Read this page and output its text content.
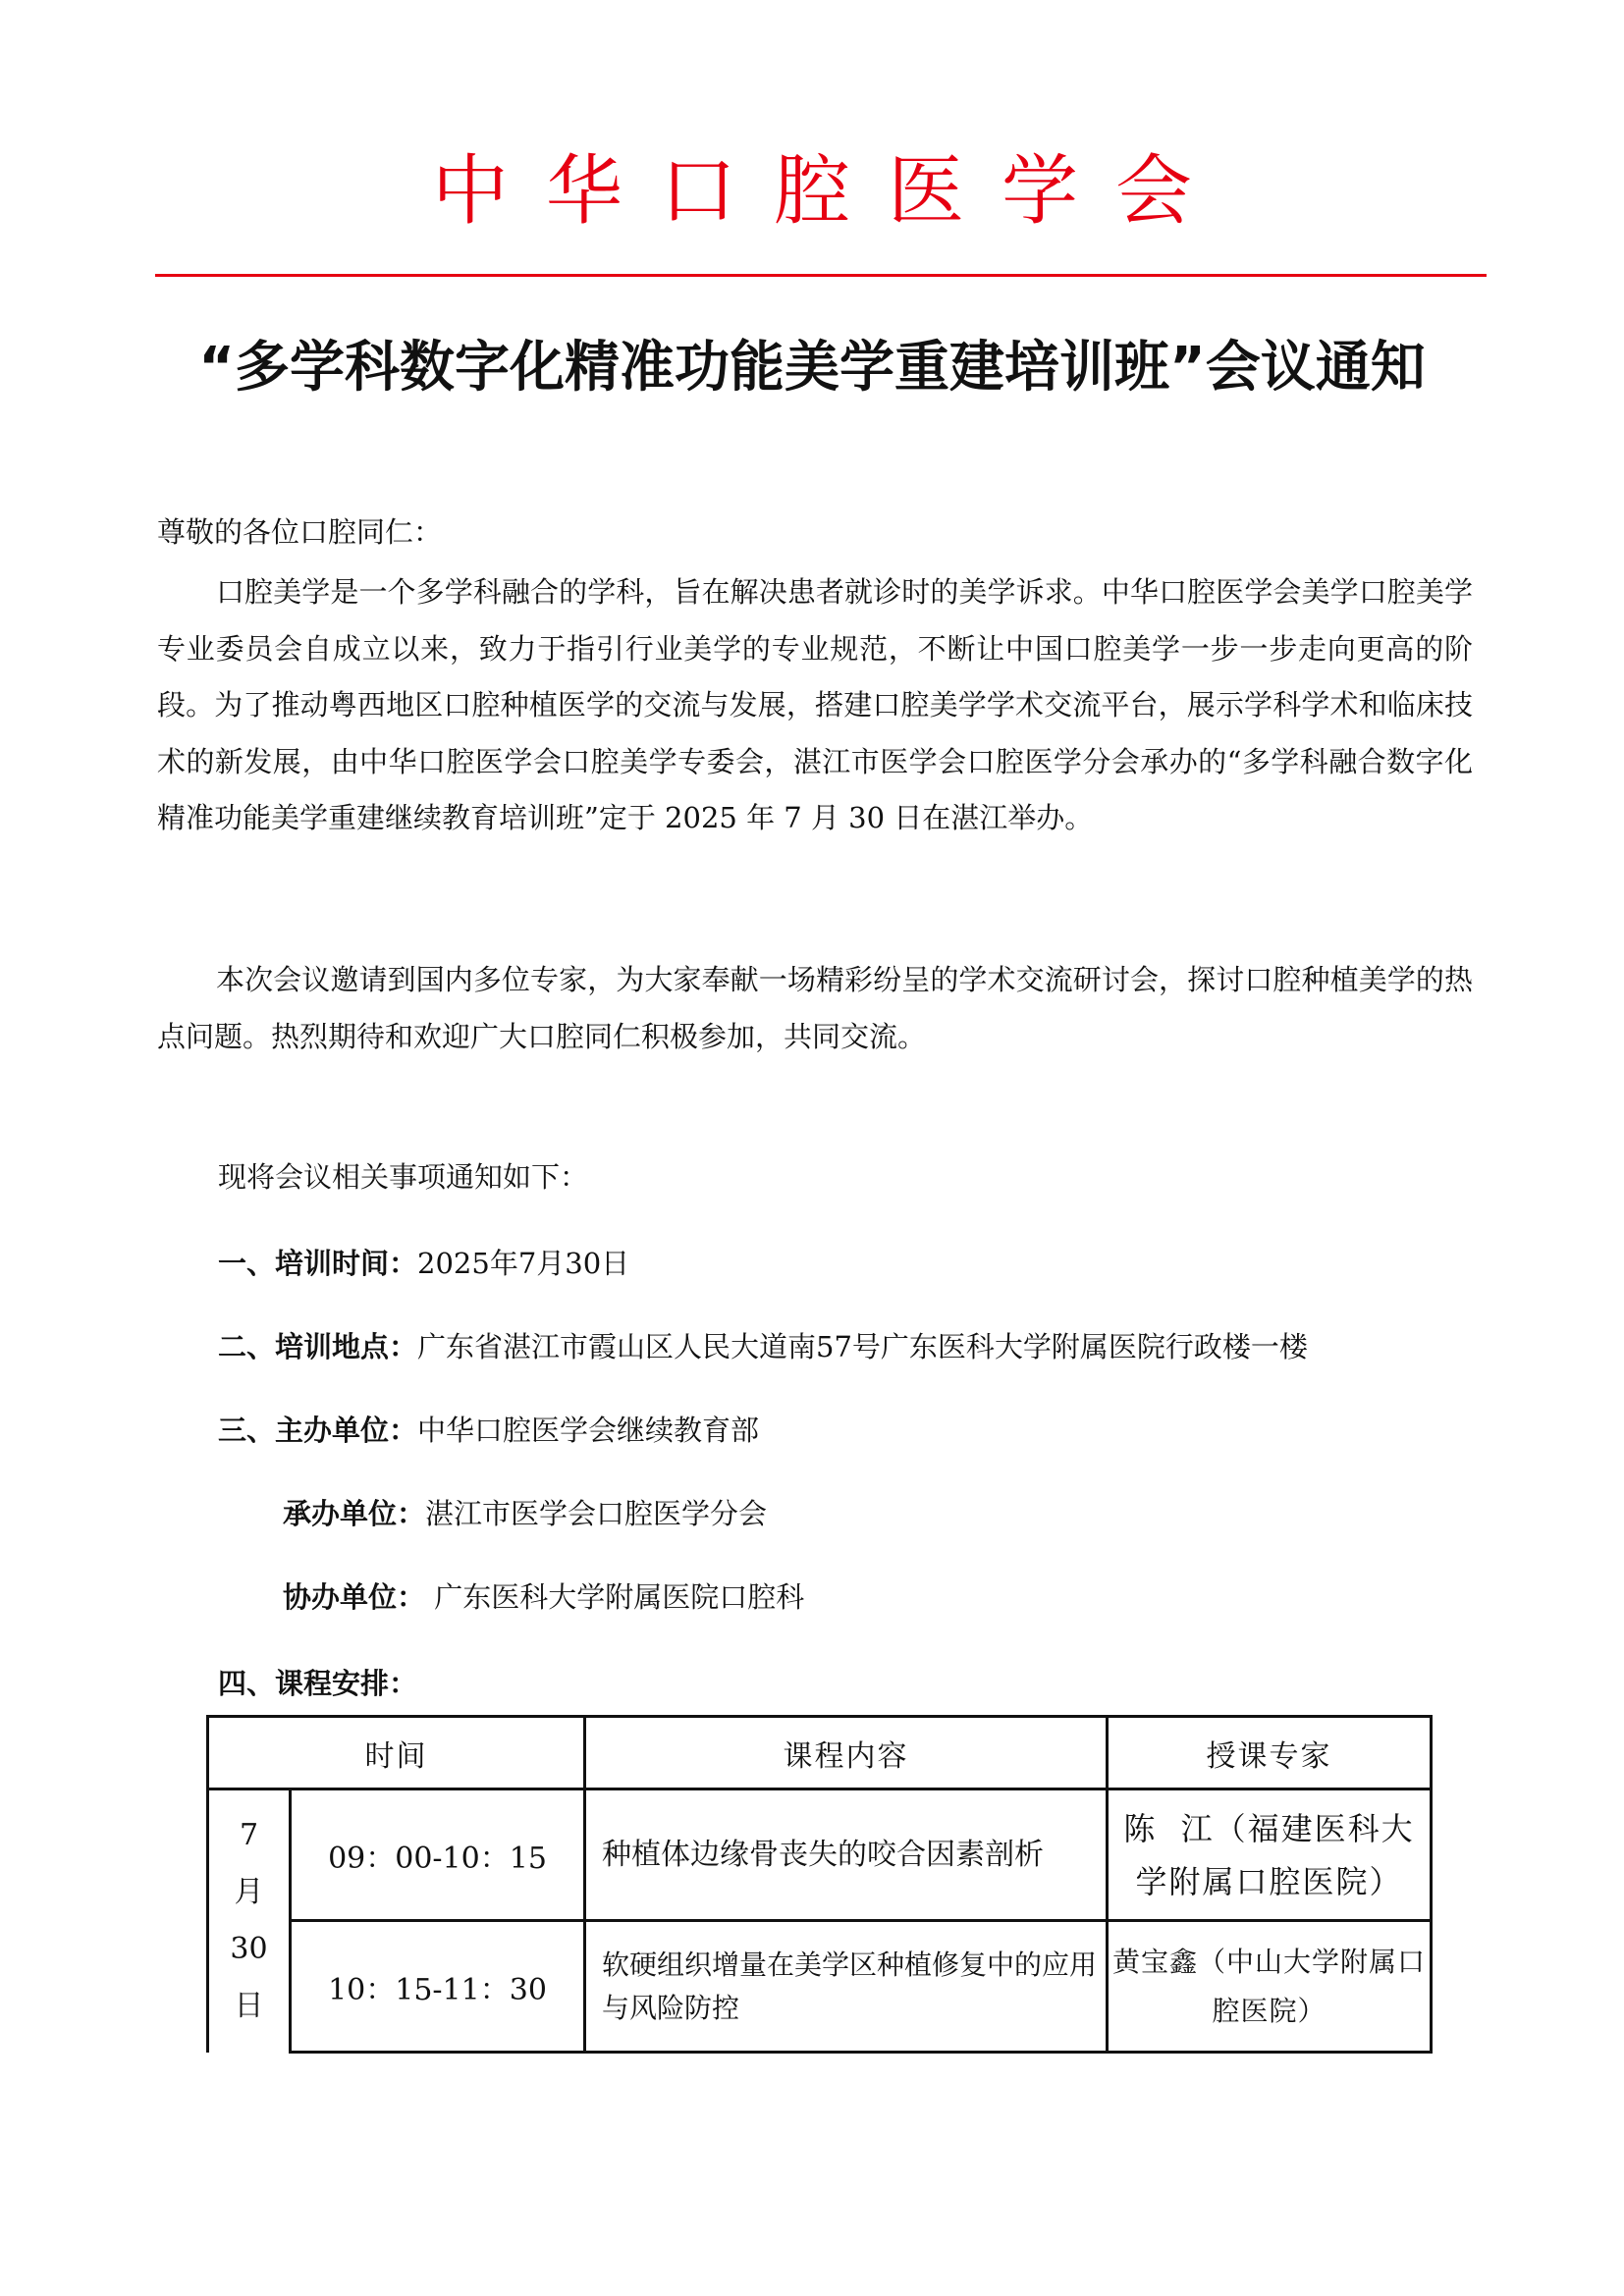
中华口腔医学会
“多学科数字化精准功能美学重建培训班”会议通知
尊敬的各位口腔同仁：
口腔美学是一个多学科融合的学科，旨在解决患者就诊时的美学诉求。中华口腔医学会美学口腔美学专业委员会自成立以来，致力于指引行业美学的专业规范，不断让中国口腔美学一步一步走向更高的阶段。为了推动粤西地区口腔种植医学的交流与发展，搭建口腔美学学术交流平台，展示学科学术和临床技术的新发展，由中华口腔医学会口腔美学专委会，湛江市医学会口腔医学分会承办的“多学科融合数字化精准功能美学重建继续教育培训班”定于 2025 年 7 月 30 日在湛江举办。
本次会议邀请到国内多位专家，为大家奉献一场精彩纷呈的学术交流研讨会，探讨口腔种植美学的热点问题。热烈期待和欢迎广大口腔同仁积极参加，共同交流。
现将会议相关事项通知如下：
一、培训时间：2025年7月30日
二、培训地点：广东省湛江市霞山区人民大道南57号广东医科大学附属医院行政楼一楼
三、主办单位：中华口腔医学会继续教育部
承办单位：湛江市医学会口腔医学分会
协办单位： 广东医科大学附属医院口腔科
四、课程安排：
时间		课程内容	授课专家

7
月
30
日	09：00-10：15	种植体边缘骨丧失的咬合因素剖析	陈  江（福建医科大学附属口腔医院）
	10：15-11：30	软硬组织增量在美学区种植修复中的应用与风险防控	黄宝鑫（中山大学附属口腔医院）
